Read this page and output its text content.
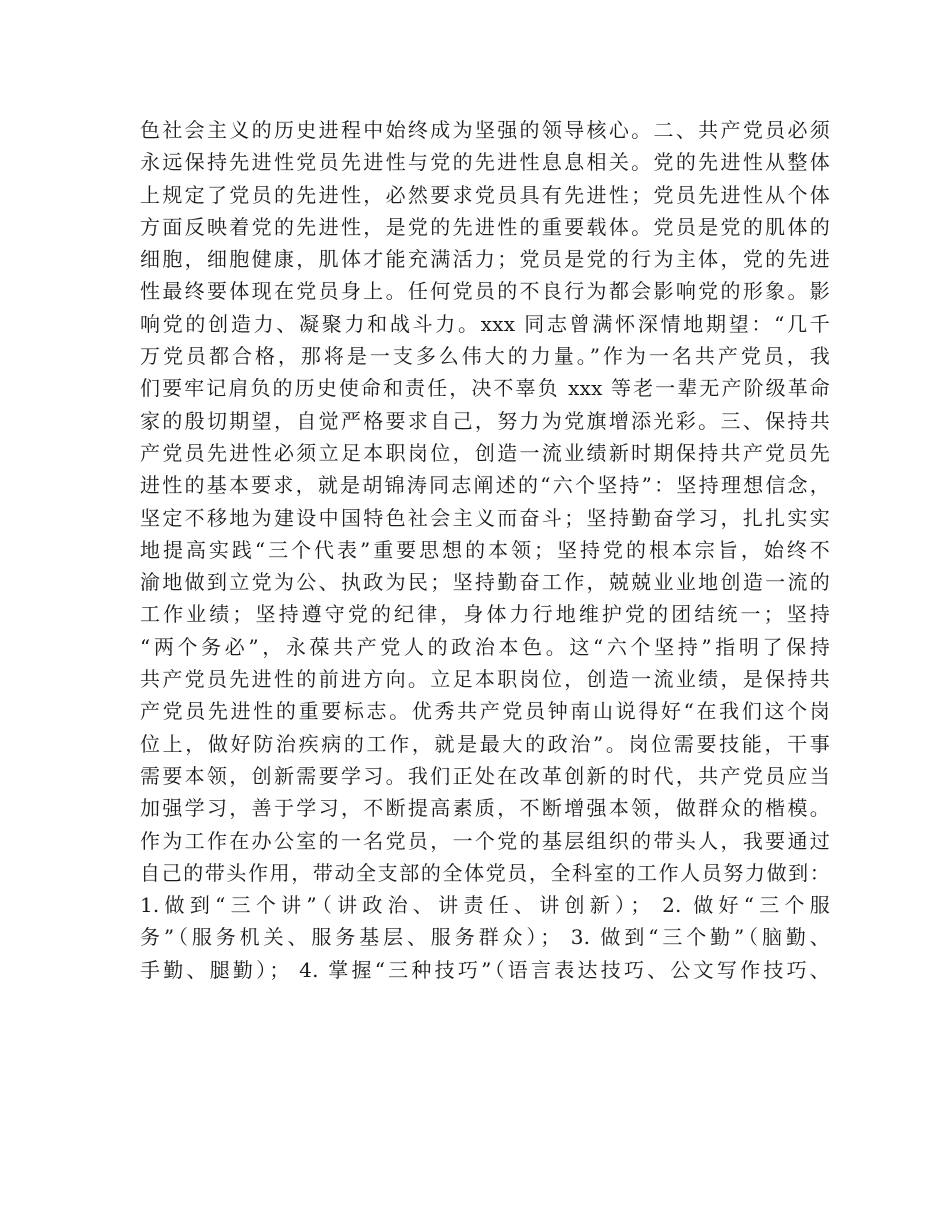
色社会主义的历史进程中始终成为坚强的领导核心。二、共产党员必须
永远保持先进性党员先进性与党的先进性息息相关。党的先进性从整体
上规定了党员的先进性，必然要求党员具有先进性；党员先进性从个体
方面反映着党的先进性，是党的先进性的重要载体。党员是党的肌体的
细胞，细胞健康，肌体才能充满活力；党员是党的行为主体，党的先进
性最终要体现在党员身上。任何党员的不良行为都会影响党的形象。影
响党的创造力、凝聚力和战斗力。xxx 同志曾满怀深情地期望：“几千
万党员都合格，那将是一支多么伟大的力量。”作为一名共产党员，我
们要牢记肩负的历史使命和责任，决不辜负 xxx 等老一辈无产阶级革命
家的殷切期望，自觉严格要求自己，努力为党旗增添光彩。三、保持共
产党员先进性必须立足本职岗位，创造一流业绩新时期保持共产党员先
进性的基本要求，就是胡锦涛同志阐述的“六个坚持”：坚持理想信念，
坚定不移地为建设中国特色社会主义而奋斗；坚持勤奋学习，扎扎实实
地提高实践“三个代表”重要思想的本领；坚持党的根本宗旨，始终不
渝地做到立党为公、执政为民；坚持勤奋工作，兢兢业业地创造一流的
工作业绩；坚持遵守党的纪律，身体力行地维护党的团结统一；坚持
“两个务必”，永葆共产党人的政治本色。这“六个坚持”指明了保持
共产党员先进性的前进方向。立足本职岗位，创造一流业绩，是保持共
产党员先进性的重要标志。优秀共产党员钟南山说得好“在我们这个岗
位上，做好防治疾病的工作，就是最大的政治”。岗位需要技能，干事
需要本领，创新需要学习。我们正处在改革创新的时代，共产党员应当
加强学习，善于学习，不断提高素质，不断增强本领，做群众的楷模。
作为工作在办公室的一名党员，一个党的基层组织的带头人，我要通过
自己的带头作用，带动全支部的全体党员，全科室的工作人员努力做到：
1.做到“三个讲”（讲政治、讲责任、讲创新）； 2. 做好“三个服
务”（服务机关、服务基层、服务群众）； 3. 做到“三个勤”（脑勤、
手勤、腿勤）； 4. 掌握“三种技巧”（语言表达技巧、公文写作技巧、
